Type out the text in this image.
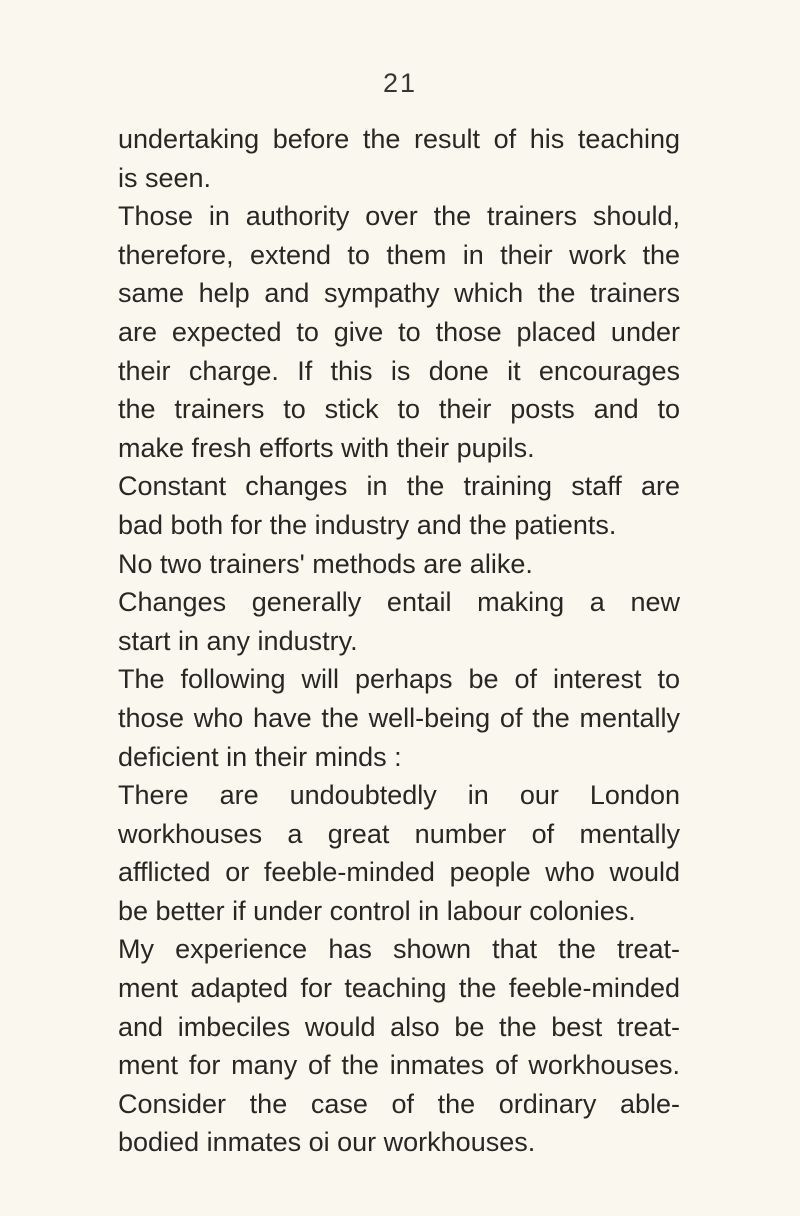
21
undertaking before the result of his teaching
is seen.
Those in authority over the trainers should,
therefore, extend to them in their work the
same help and sympathy which the trainers
are expected to give to those placed under
their charge. If this is done it encourages
the trainers to stick to their posts and to
make fresh efforts with their pupils.
Constant changes in the training staff are
bad both for the industry and the patients.
No two trainers' methods are alike.
Changes generally entail making a new
start in any industry.
The following will perhaps be of interest to
those who have the well-being of the mentally
deficient in their minds :
There are undoubtedly in our London
workhouses a great number of mentally
afflicted or feeble-minded people who would
be better if under control in labour colonies.
My experience has shown that the treat-
ment adapted for teaching the feeble-minded
and imbeciles would also be the best treat-
ment for many of the inmates of workhouses.
Consider the case of the ordinary able-
bodied inmates oi our workhouses.
